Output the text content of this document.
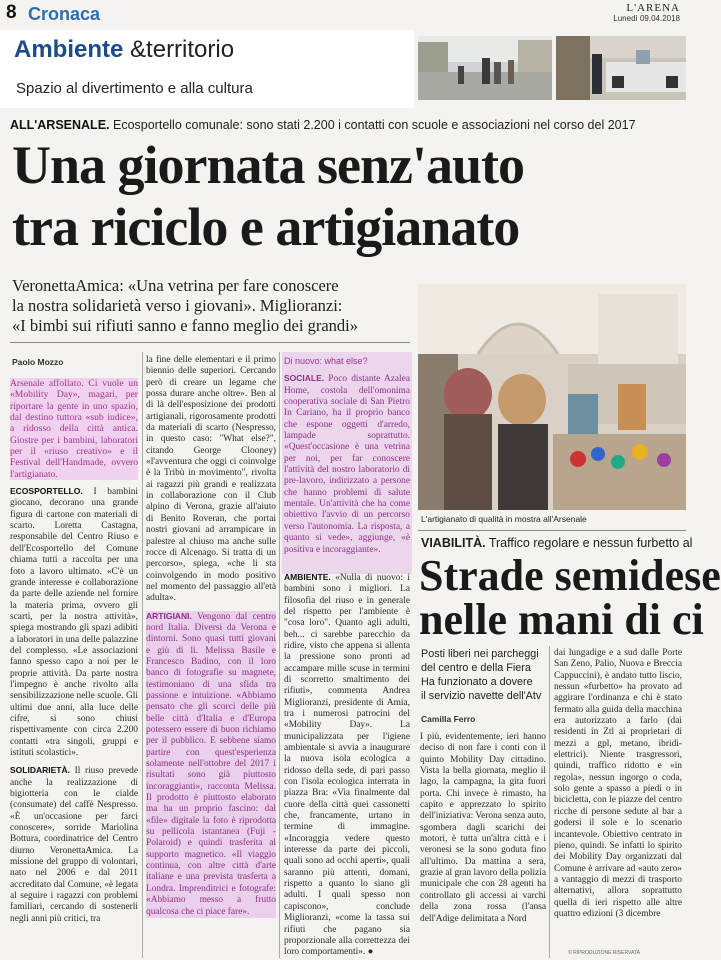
8 Cronaca	L'ARENA
Lunedì 09.04.2018
Ambiente &territorio
Spazio al divertimento e alla cultura
ALL'ARSENALE. Ecosportello comunale: sono stati 2.200 i contatti con scuole e associazioni nel corso del 2017
Una giornata senz'auto
tra riciclo e artigianato
VeronettaAmica: «Una vetrina per fare conoscere
la nostra solidarietà verso i giovani». Miglioranzi:
«I bimbi sui rifiuti sanno e fanno meglio dei grandi»
L'artigianato di qualità in mostra all'Arsenale
Paolo Mozzo

Arsenale affollato. Ci vuole un «Mobility Day», magari, per riportare la gente in uno spazio, dal destino tuttora «sub iudice», a ridosso della città antica. Giostre per i bambini, laboratori per il «riuso creativo» e il Festival dell'Handmade, ovvero l'artigianato.

ECOSPORTELLO. I bambini giocano, decorano una grande figura di cartone con materiali di scarto. Loretta Castagna, responsabile del Centro Riuso e dell'Ecosportello del Comune chiama tutti a raccolta per una foto a lavoro ultimato. «C'è un grande interesse e collaborazione da parte delle aziende nel fornire la materia prima, ovvero gli scarti, per la nostra attività», spiega mostrando gli spazi adibiti a laboratori in una delle palazzine del complesso. «Le associazioni fanno spesso capo a noi per le proprie attività. Da parte nostra l'impegno è anche rivolto alla sensibilizzazione nelle scuole. Gli ultimi due anni, alla luce delle cifre, si sono chiusi rispettivamente con circa 2.200 contatti «tra singoli, gruppi e istituti scolastici».

SOLIDARIETÀ. Il riuso prevede anche la realizzazione di bigiotteria con le cialde (consumate) del caffè Nespresso. «È un'occasione per farci conoscere», sorride Mariolina Bottura, coordinatrice del Centro diurno VeronettaAmica. La missione del gruppo di volontari, nato nel 2006 e dal 2011 accreditato dal Comune, «è legata al seguire i ragazzi con problemi familiari, cercando di sostenerli negli anni più critici, tra

la fine delle elementari e il primo biennio delle superiori. Cercando però di creare un legame che possa durare anche oltre». Ben al di là dell'esposizione dei prodotti artigianali, rigorosamente prodotti da materiali di scarto (Nespresso, in questo caso: "What else?", citando George Clooney) «l'avventura che oggi ci coinvolge è la Tribù in movimento", rivolta ai ragazzi più grandi e realizzata in collaborazione con il Club alpino di Verona, grazie all'aiuto di Benito Roveran, che portai nostri giovani ad arrampicare in palestre al chiuso ma anche sulle rocce di Alcenago. Si tratta di un percorso», spiega, «che li sta coinvolgendo in modo positivo nel momento del passaggio all'età adulta».

ARTIGIANI. Vengono dal centro nord Italia. Diversi da Verona e dintorni. Sono quasi tutti giovani e giù di lì. Melissa Basile e Francesco Badino, con il loro banco di fotografie su magnete, testimoniano di una sfida tra passione e intuizione. «Abbiamo pensato che gli scorci delle più belle città d'Italia e d'Europa potessero essere di buon richiamo per il pubblico. E sebbene siamo partire con quest'esperienza solamente nell'ottobre del 2017 i risultati sono già piuttosto incoraggianti», racconta Melissa. Il prodotto è piuttosto elaborato ma ha un proprio fascino: dal «file» digitale la foto è riprodotta su pellicola istantanea (Fuji - Polaroid) e quindi trasferita al supporto magnetico. «Il viaggio continua, con altre città d'arte italiane e una prevista trasferta a Londra. Imprenditrici e fotografe: «Abbiamo messo a frutto qualcosa che ci piace fare».

Di nuovo: what else?

SOCIALE. Poco distante Azalea Home, costola dell'omonima cooperativa sociale di San Pietro In Cariano, ha il proprio banco che espone oggetti d'arredo, lampade soprattutto. «Quest'occasione è una vetrina per noi, per far conoscere l'attività del nostro laboratorio di pre-lavoro, indirizzato a persone che hanno problemi di salute mentale. Un'attività che ha come obiettivo l'avvio di un percorso verso l'autonomia. La risposta, a quanto si vede», aggiunge, «è positiva e incoraggiante».

AMBIENTE. «Nulla di nuovo: i bambini sono i migliori. La filosofia del riuso e in generale del rispetto per l'ambiente è "cosa loro". Quanto agli adulti, beh... ci sarebbe parecchio da ridire, visto che appena si allenta la pressione sono pronti ad accampare mille scuse in termini di scorretto smaltimento dei rifiuti», commenta Andrea Miglioranzi, presidente di Amia, tra i numerosi patrocini del «Mobility Day». La municipalizzata per l'igiene ambientale si avvia a inaugurare la nuova isola ecologica a ridosso della sede, di pari passo con l'isola ecologica interrata in piazza Bra: «Via finalmente dal cuore della città quei cassonetti che, francamente, urtano in termine di immagine. «Incoraggia vedere questo interesse da parte dei piccoli, quali sono ad occhi aperti», quali saranno più attenti, domani, rispetto a quanto lo siano gli adulti. I quali spesso non capiscono», conclude Miglioranzi, «come la tassa sui rifiuti che pagano sia proporzionale alla correttezza dei loro comportamenti». ●

VIABILITÀ. Traffico regolare e nessun furbetto al
Strade semidese
nelle mani di ci
Posti liberi nei parcheggi
del centro e della Fiera
Ha funzionato a dovere
il servizio navette dell'Atv
Camilla Ferro
I più, evidentemente, ieri hanno deciso di non fare i conti con il quinto Mobility Day cittadino. Vista la bella giornata, meglio il lago, la campagna, la gita fuori porta. Chi invece è rimasto, ha capito e apprezzato lo spirito dell'iniziativa: Verona senza auto, sgombera dagli scarichi dei motori, è tutta un'altra città e i veronesi se la sono goduta fino all'ultimo. Da mattina a sera, grazie al gran lavoro della polizia municipale che con 28 agenti ha controllato gli accessi ai varchi della zona rossa (l'ansa dell'Adige delimitata a Nord
dai lungadige e a sud dalle Porte San Zeno, Palio, Nuova e Breccia Cappuccini), è andato tutto liscio, nessun «furbetto» ha provato ad aggirare l'ordinanza e chi è stato fermato alla guida della macchina era autorizzato a farlo (dai residenti in Ztl ai proprietari di mezzi a gpl, metano, ibridi-elettrici). Niente trasgressori, quindi, traffico ridotto e «in regola», nessun ingorgo o coda, solo gente a spasso a piedi o in bicicletta, con le piazze del centro ricche di persone sedute al bar a godersi il sole e lo scenario incantevole. Obiettivo centrato in pieno, quindi. Se infatti lo spirito dei Mobility Day organizzati dal Comune è arrivare ad «auto zero» a vantaggio di mezzi di trasporto alternativi, allora soprattutto quella di ieri rispetto alle altre quattro edizioni (3 dicembre
© RIPRODUZIONE RISERVATA
